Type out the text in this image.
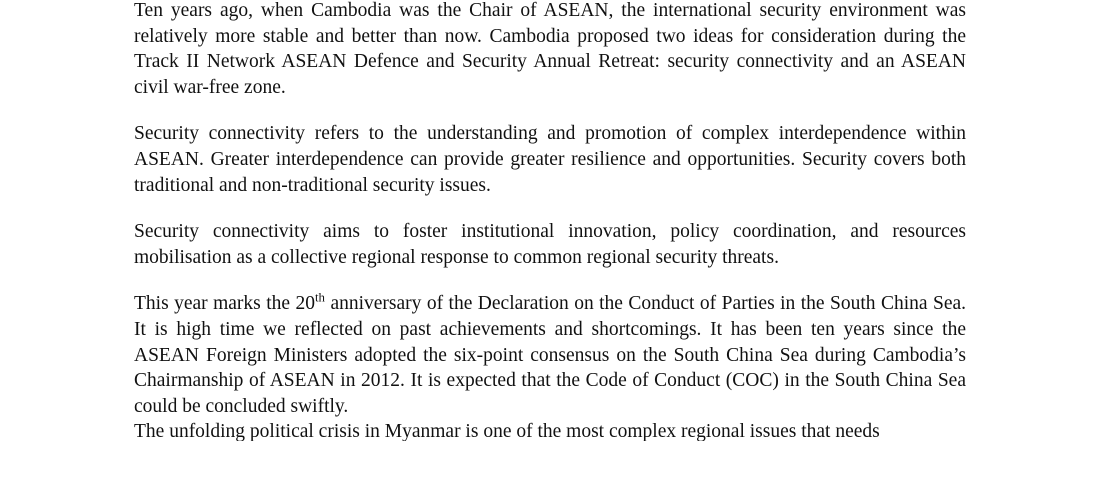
Ten years ago, when Cambodia was the Chair of ASEAN, the international security environment was relatively more stable and better than now. Cambodia proposed two ideas for consideration during the Track II Network ASEAN Defence and Security Annual Retreat: security connectivity and an ASEAN civil war-free zone.

Security connectivity refers to the understanding and promotion of complex interdependence within ASEAN. Greater interdependence can provide greater resilience and opportunities. Security covers both traditional and non-traditional security issues.

Security connectivity aims to foster institutional innovation, policy coordination, and resources mobilisation as a collective regional response to common regional security threats.

This year marks the 20th anniversary of the Declaration on the Conduct of Parties in the South China Sea. It is high time we reflected on past achievements and shortcomings. It has been ten years since the ASEAN Foreign Ministers adopted the six-point consensus on the South China Sea during Cambodia’s Chairmanship of ASEAN in 2012. It is expected that the Code of Conduct (COC) in the South China Sea could be concluded swiftly.

The unfolding political crisis in Myanmar is one of the most complex regional issues that needs
